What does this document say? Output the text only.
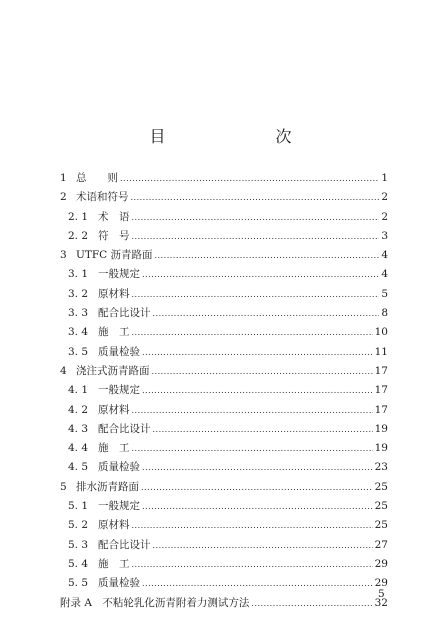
目　　次
1 总　　则 .....	1
2 术语和符号 .....	2
2. 1 术　语 .....	2
2. 2 符　号 .....	3
3 UTFC 沥青路面 .....	4
3. 1 一般规定 .....	4
3. 2 原材料 .....	5
3. 3 配合比设计 .....	8
3. 4 施　工 .....	10
3. 5 质量检验 .....	11
4 浇注式沥青路面 .....	17
4. 1 一般规定 .....	17
4. 2 原材料 .....	17
4. 3 配合比设计 .....	19
4. 4 施　工 .....	19
4. 5 质量检验 .....	23
5 排水沥青路面 .....	25
5. 1 一般规定 .....	25
5. 2 原材料 .....	25
5. 3 配合比设计 .....	27
5. 4 施　工 .....	29
5. 5 质量检验 .....	29
附录 A　不粘轮乳化沥青附着力测试方法 .....	32
5
